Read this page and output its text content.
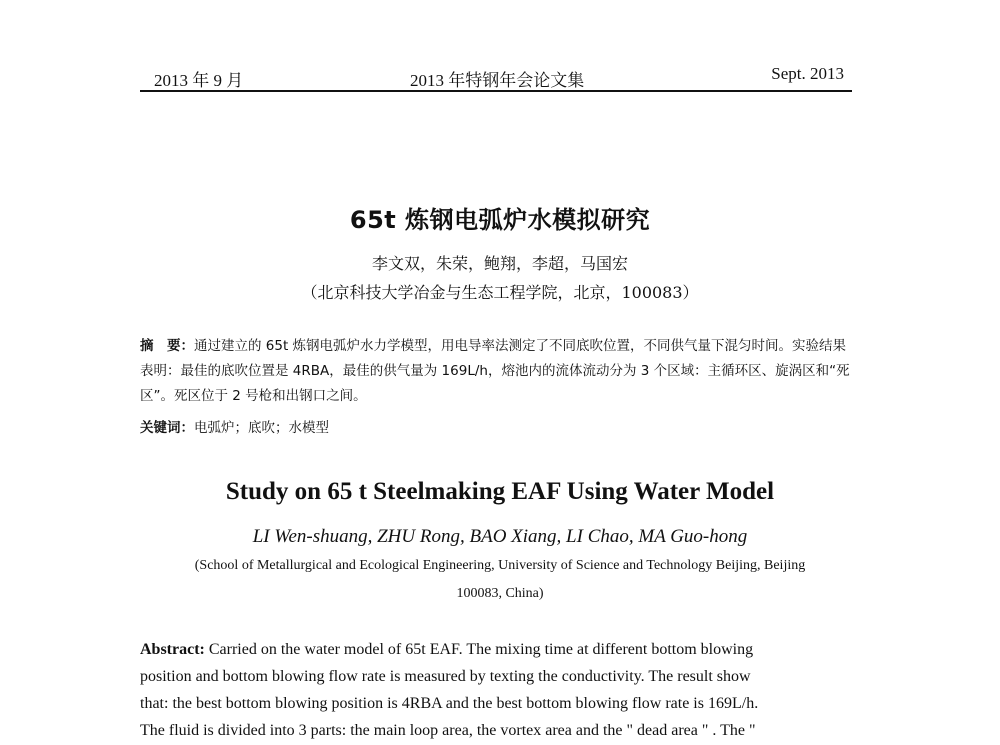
2013 年 9 月	2013 年特钢年会论文集	Sept. 2013
65t 炼钢电弧炉水模拟研究
李文双，朱荣，鲍翔，李超，马国宏
（北京科技大学冶金与生态工程学院，北京，100083）
摘　要：通过建立的 65t 炼钢电弧炉水力学模型，用电导率法测定了不同底吹位置，不同供气量下混匀时间。实验结果表明：最佳的底吹位置是 4RBA，最佳的供气量为 169L/h，熔池内的流体流动分为 3 个区域：主循环区、旋涡区和“死区”。死区位于 2 号枪和出钢口之间。
关键词：电弧炉；底吹；水模型
Study on 65 t Steelmaking EAF Using Water Model
LI Wen-shuang, ZHU Rong, BAO Xiang, LI Chao, MA Guo-hong
(School of Metallurgical and Ecological Engineering, University of Science and Technology Beijing, Beijing
100083, China)
Abstract: Carried on the water model of 65t EAF. The mixing time at different bottom blowing
position and bottom blowing flow rate is measured by texting the conductivity. The result show
that: the best bottom blowing position is 4RBA and the best bottom blowing flow rate is 169L/h.
The fluid is divided into 3 parts: the main loop area, the vortex area and the " dead area " . The "
